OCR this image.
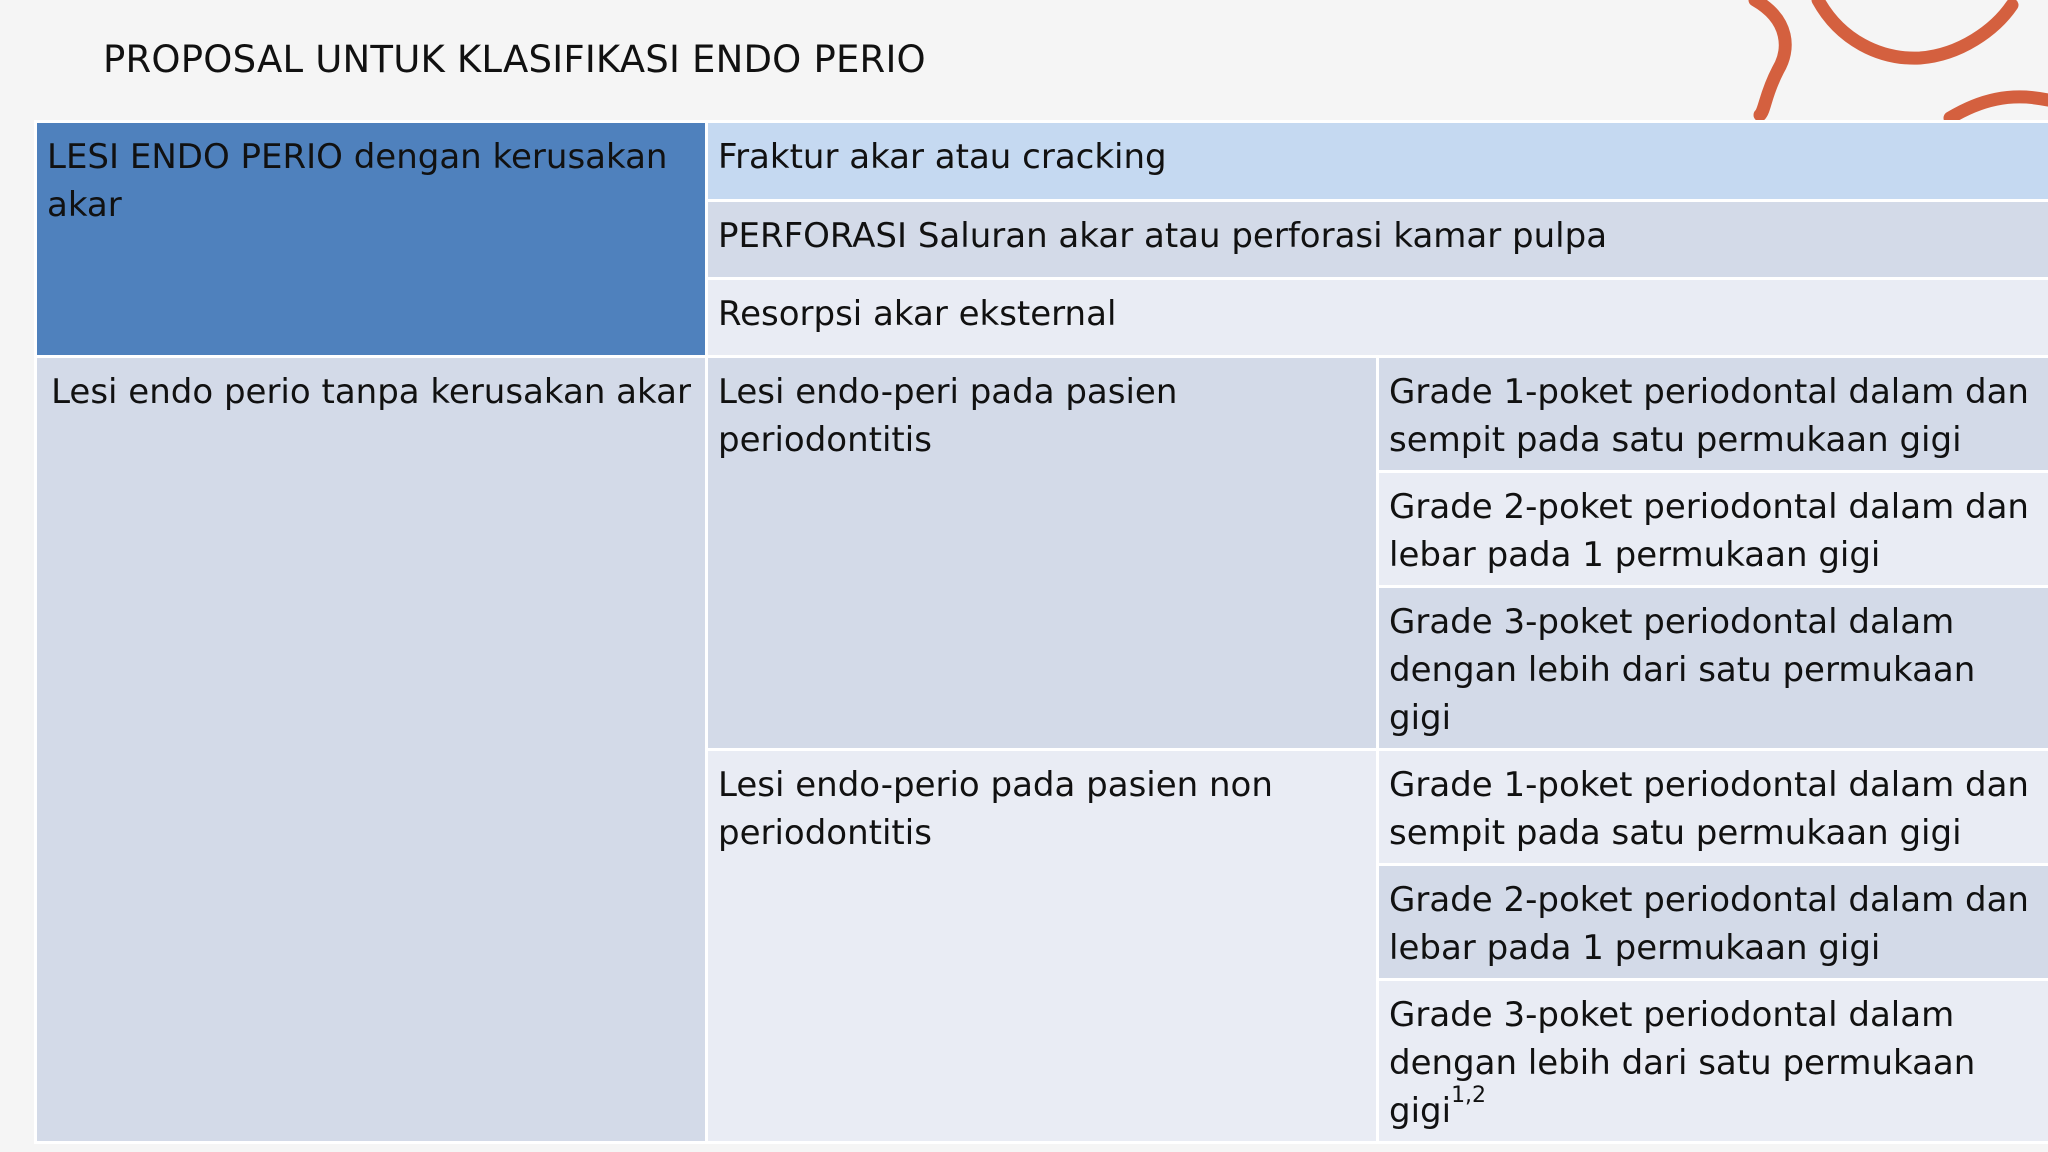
PROPOSAL UNTUK KLASIFIKASI ENDO PERIO
LESI ENDO PERIO dengan kerusakan akar	Fraktur akar atau cracking	
	PERFORASI Saluran akar atau perforasi kamar pulpa	
	Resorpsi akar eksternal	
Lesi endo perio tanpa kerusakan akar	Lesi endo-peri pada pasien periodontitis	Grade 1-poket periodontal dalam dan sempit pada satu permukaan gigi
		Grade 2-poket periodontal dalam dan lebar pada 1 permukaan gigi
		Grade 3-poket periodontal dalam dengan lebih dari satu permukaan gigi
	Lesi endo-perio pada pasien non periodontitis	Grade 1-poket periodontal dalam dan sempit pada satu permukaan gigi
		Grade 2-poket periodontal dalam dan lebar pada 1 permukaan gigi
		Grade 3-poket periodontal dalam dengan lebih dari satu permukaan gigi$^{1,2}$
